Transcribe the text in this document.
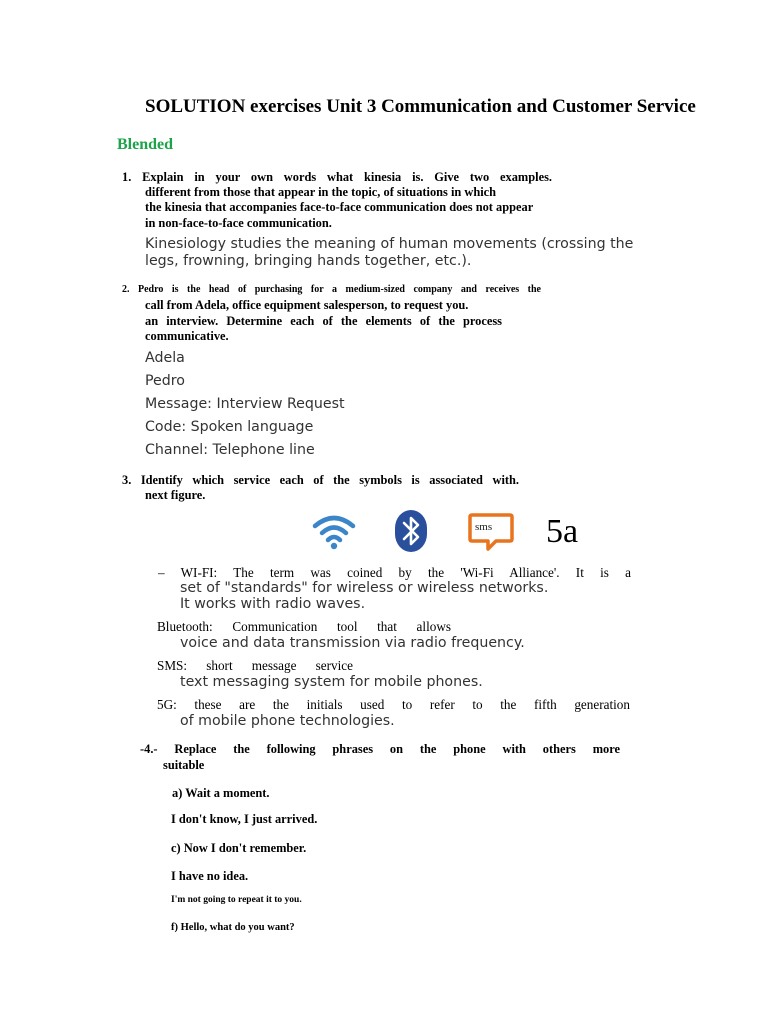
SOLUTION exercises Unit 3 Communication and Customer Service
Blended
1. Explain in your own words what kinesia is. Give two examples.
different from those that appear in the topic, of situations in which
the kinesia that accompanies face-to-face communication does not appear
in non-face-to-face communication.
Kinesiology studies the meaning of human movements (crossing the
legs, frowning, bringing hands together, etc.).
2. Pedro is the head of purchasing for a medium-sized company and receives the
call from Adela, office equipment salesperson, to request you.
an interview. Determine each of the elements of the process
communicative.
Adela
Pedro
Message: Interview Request
Code: Spoken language
Channel: Telephone line
3. Identify which service each of the symbols is associated with.
next figure.
sms 5a
– WI-FI: The term was coined by the 'Wi-Fi Alliance'. It is a
set of "standards" for wireless or wireless networks.
It works with radio waves.
Bluetooth: Communication tool that allows
voice and data transmission via radio frequency.
SMS: short message service
text messaging system for mobile phones.
5G: these are the initials used to refer to the fifth generation
of mobile phone technologies.
-4.- Replace the following phrases on the phone with others more
suitable
a) Wait a moment.
I don't know, I just arrived.
c) Now I don't remember.
I have no idea.
I'm not going to repeat it to you.
f) Hello, what do you want?
